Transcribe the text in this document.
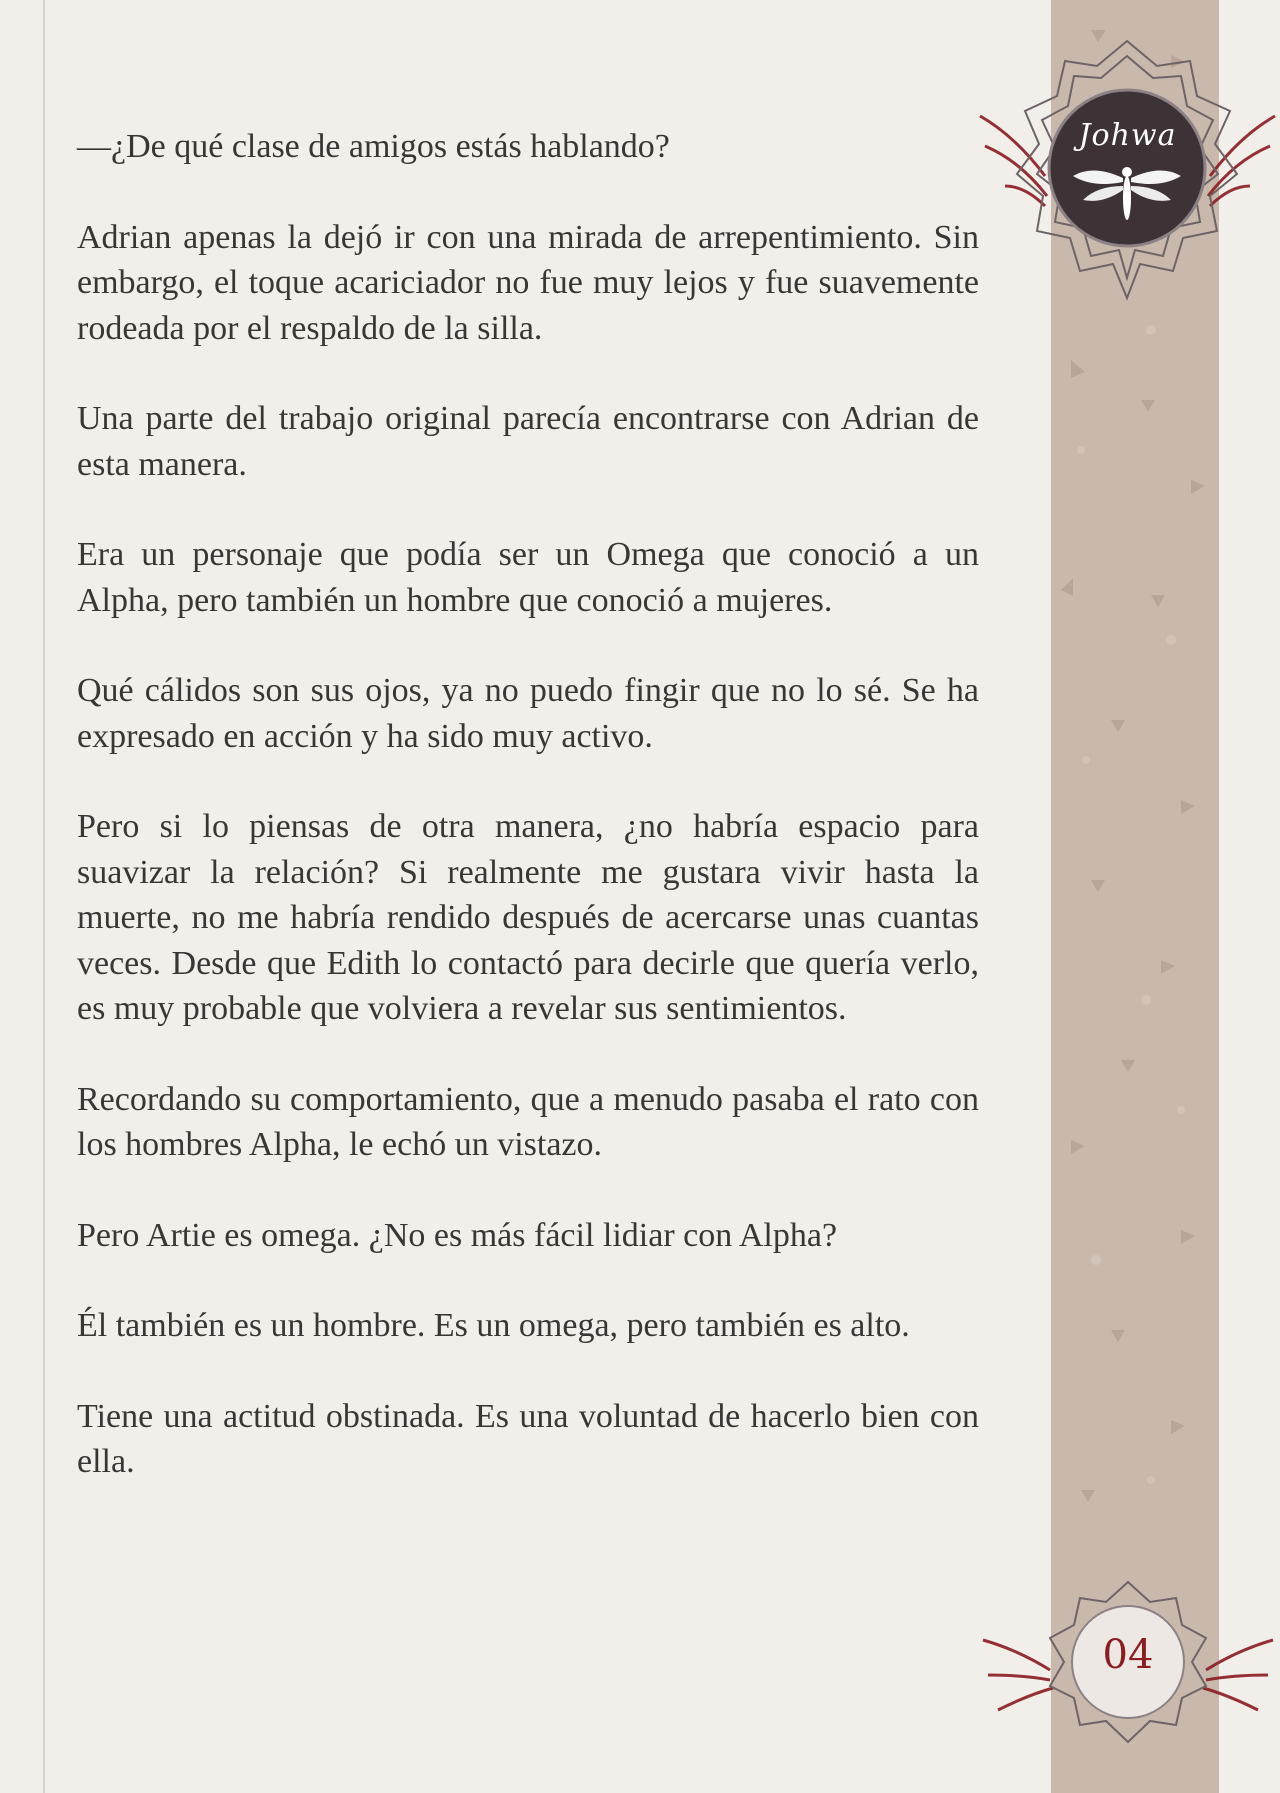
—¿De qué clase de amigos estás hablando?

Adrian apenas la dejó ir con una mirada de arrepentimiento. Sin embargo, el toque acariciador no fue muy lejos y fue suavemente rodeada por el respaldo de la silla.

Una parte del trabajo original parecía encontrarse con Adrian de esta manera.

Era un personaje que podía ser un Omega que conoció a un Alpha, pero también un hombre que conoció a mujeres.

Qué cálidos son sus ojos, ya no puedo fingir que no lo sé. Se ha expresado en acción y ha sido muy activo.

Pero si lo piensas de otra manera, ¿no habría espacio para suavizar la relación? Si realmente me gustara vivir hasta la muerte, no me habría rendido después de acercarse unas cuantas veces. Desde que Edith lo contactó para decirle que quería verlo, es muy probable que volviera a revelar sus sentimientos.

Recordando su comportamiento, que a menudo pasaba el rato con los hombres Alpha, le echó un vistazo.

Pero Artie es omega. ¿No es más fácil lidiar con Alpha?

Él también es un hombre. Es un omega, pero también es alto.

Tiene una actitud obstinada. Es una voluntad de hacerlo bien con ella.

Johwa
04
